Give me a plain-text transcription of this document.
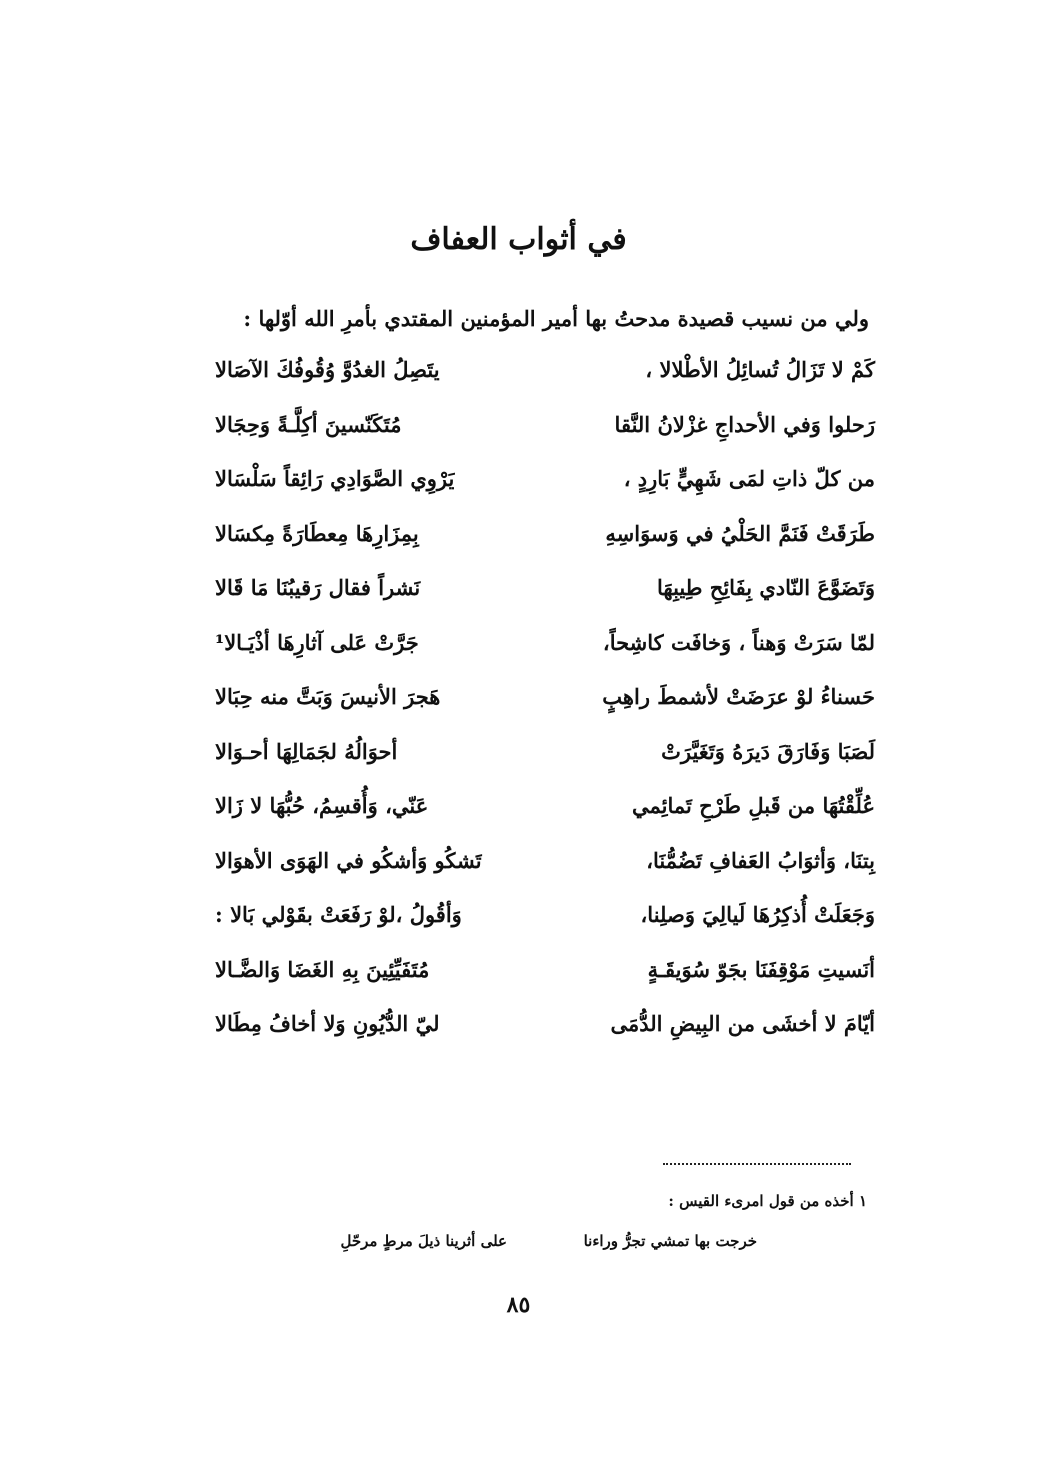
في أثواب العفاف
ولي من نسيب قصيدة مدحتُ بها أمير المؤمنين المقتدي بأمرِ الله أوّلها :
كَمْ لا تَزَالُ تُسائِلُ الأطْلالا ،
يتَصِلُ الغدُوَّ وُقُوفُكَ الآصَالا
رَحلوا وَفي الأحداجِ غزْلانُ النَّقا
مُتَكَنّسينَ أكِلَّـةً وَحِجَالا
من كلّ ذاتِ لمَى شَهِيٍّ بَارِدٍ ،
يَرْوِي الصَّوَادِي رَائِقاً سَلْسَالا
طَرَقَتْ فَنَمَّ الحَلْيُ في وَسوَاسِهِ
بِمِزَارِهَا مِعطَارَةً مِكسَالا
وَتَضَوَّعَ النّادي بِفَائِحِ طِيبِهَا
نَشراً فقال رَقيبُنَا مَا قَالا
لمّا سَرَتْ وَهناً ، وَخافَت كاشِحاً،
جَرَّتْ عَلى آثارِهَا أذْيَـالا¹
حَسناءُ لوْ عرَضَتْ لأشمطَ راهِبٍ
هَجرَ الأنيسَ وَبَتَّ منه حِبَالا
لَصَبَا وَفَارَقَ دَيرَهُ وَتَغَيَّرَتْ
أحوَالُهُ لجَمَالِهَا أحـوَالا
عُلِّقْتُهَا من قَبلِ طَرْحِ تَمائِمي
عَنّي، وَأُقسِمُ، حُبُّهَا لا زَالا
بِتنَا، وَأثوَابُ العَفافِ تَضُمُّنَا،
تَشكُو وَأشكُو في الهَوَى الأهوَالا
وَجَعَلَتْ أُذكِرُهَا لَيالِيَ وَصلِنا،
وَأقُولُ ،لوْ رَفَعَتْ بقَوْلي بَالا :
أنَسيتِ مَوْقِفَنَا بجَوّ سُوَيقَـةٍ
مُتَفَيِّئِينَ بِهِ الغَضَا وَالضَّـالا
أيّامَ لا أخشَى من البِيضِ الدُّمَى
ليّ الدُّيُونِ وَلا أخافُ مِطَالا
١ أخذه من قول امرىء القيس :
خرجت بها تمشي تجرُّ وراءنا
على أثرينا ذيلَ مرطٍ مرحّلِ
٨٥
